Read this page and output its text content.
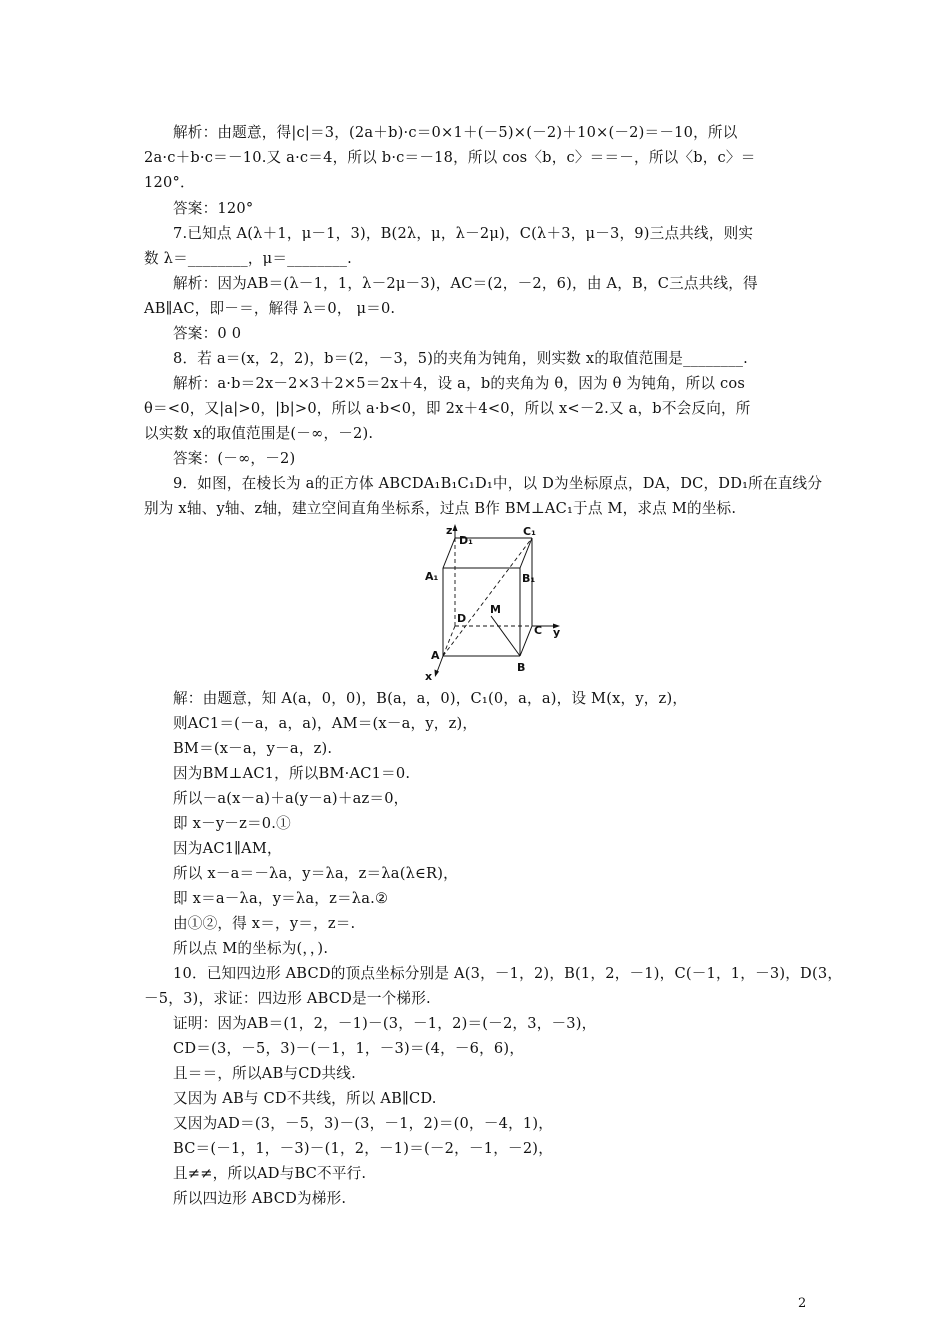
解析：由题意，得|c|＝3，(2a＋b)·c＝0×1＋(－5)×(－2)＋10×(－2)＝－10，所以
2a·c＋b·c＝－10.又 a·c＝4，所以 b·c＝－18，所以 cos〈b，c〉＝＝－，所以〈b，c〉＝
120°．
答案：120°
7.已知点 A(λ＋1，μ－1，3)，B(2λ，μ，λ－2μ)，C(λ＋3，μ－3，9)三点共线，则实
数 λ＝________，μ＝________.
解析：因为AB＝(λ－1，1，λ－2μ－3)，AC＝(2，－2，6)，由 A，B，C三点共线，得
AB∥AC，即－＝，解得 λ＝0， μ＝0.
答案：0 0
8．若 a＝(x，2，2)，b＝(2，－3，5)的夹角为钝角，则实数 x的取值范围是________.
解析：a·b＝2x－2×3＋2×5＝2x＋4，设 a，b的夹角为 θ，因为 θ 为钝角，所以 cos
θ＝<0，又|a|>0，|b|>0，所以 a·b<0，即 2x＋4<0，所以 x<－2.又 a，b不会反向，所
以实数 x的取值范围是(－∞，－2).
答案：(－∞，－2)
9．如图，在棱长为 a的正方体 ABCDA₁B₁C₁D₁中，以 D为坐标原点，DA，DC，DD₁所在直线分
别为 x轴、y轴、z轴，建立空间直角坐标系，过点 B作 BM⊥AC₁于点 M，求点 M的坐标.
z
D₁
C₁
A₁	B₁
D
M
C y
A
B
x
解：由题意，知 A(a，0，0)，B(a，a，0)，C₁(0，a，a)，设 M(x，y，z)，
则AC1＝(－a，a，a)，AM＝(x－a，y，z)，
BM＝(x－a，y－a，z).
因为BM⊥AC1，所以BM·AC1＝0.
所以－a(x－a)＋a(y－a)＋az＝0，
即 x－y－z＝0.①
因为AC1∥AM，
所以 x－a＝－λa，y＝λa，z＝λa(λ∈R)，
即 x＝a－λa，y＝λa，z＝λa.②
由①②，得 x＝，y＝，z＝.
所以点 M的坐标为(，，).
10．已知四边形 ABCD的顶点坐标分别是 A(3，－1，2)，B(1，2，－1)，C(－1，1，－3)，D(3，
－5，3)，求证：四边形 ABCD是一个梯形.
证明：因为AB＝(1，2，－1)－(3，－1，2)＝(－2，3，－3)，
CD＝(3，－5，3)－(－1，1，－3)＝(4，－6，6)，
且＝＝，所以AB与CD共线.
又因为 AB与 CD不共线，所以 AB∥CD.
又因为AD＝(3，－5，3)－(3，－1，2)＝(0，－4，1)，
BC＝(－1，1，－3)－(1，2，－1)＝(－2，－1，－2)，
且≠≠，所以AD与BC不平行.
所以四边形 ABCD为梯形.
2
